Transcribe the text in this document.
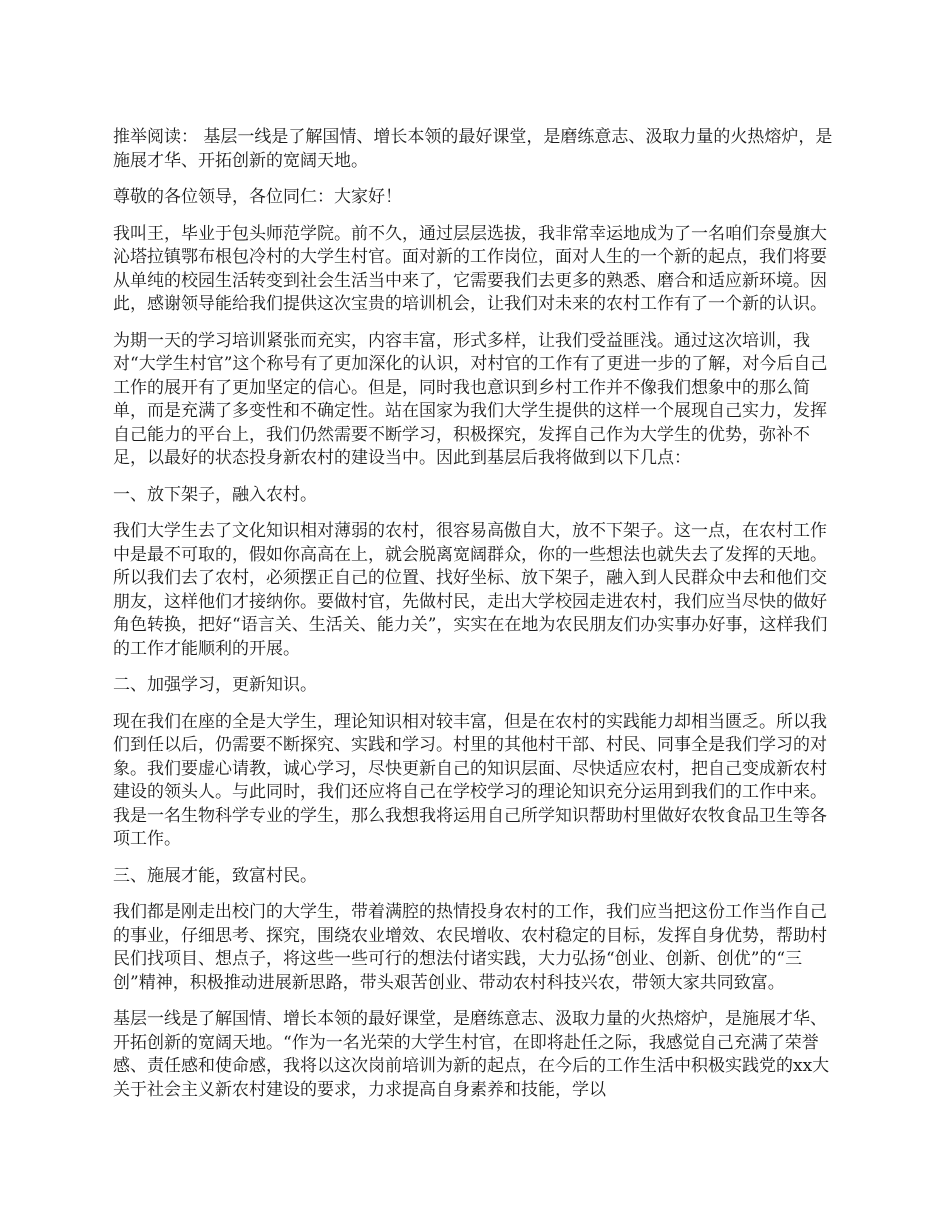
推举阅读： 基层一线是了解国情、增长本领的最好课堂，是磨练意志、汲取力量的火热熔炉，是施展才华、开拓创新的宽阔天地。

尊敬的各位领导，各位同仁：大家好！

我叫王，毕业于包头师范学院。前不久，通过层层选拔，我非常幸运地成为了一名咱们奈曼旗大沁塔拉镇鄂布根包冷村的大学生村官。面对新的工作岗位，面对人生的一个新的起点，我们将要从单纯的校园生活转变到社会生活当中来了，它需要我们去更多的熟悉、磨合和适应新环境。因此，感谢领导能给我们提供这次宝贵的培训机会，让我们对未来的农村工作有了一个新的认识。

为期一天的学习培训紧张而充实，内容丰富，形式多样，让我们受益匪浅。通过这次培训，我对“大学生村官”这个称号有了更加深化的认识，对村官的工作有了更进一步的了解，对今后自己工作的展开有了更加坚定的信心。但是，同时我也意识到乡村工作并不像我们想象中的那么简单，而是充满了多变性和不确定性。站在国家为我们大学生提供的这样一个展现自己实力，发挥自己能力的平台上，我们仍然需要不断学习，积极探究，发挥自己作为大学生的优势，弥补不足，以最好的状态投身新农村的建设当中。因此到基层后我将做到以下几点：

一、放下架子，融入农村。

我们大学生去了文化知识相对薄弱的农村，很容易高傲自大，放不下架子。这一点，在农村工作中是最不可取的，假如你高高在上，就会脱离宽阔群众，你的一些想法也就失去了发挥的天地。所以我们去了农村，必须摆正自己的位置、找好坐标、放下架子，融入到人民群众中去和他们交朋友，这样他们才接纳你。要做村官，先做村民，走出大学校园走进农村，我们应当尽快的做好角色转换，把好“语言关、生活关、能力关”，实实在在地为农民朋友们办实事办好事，这样我们的工作才能顺利的开展。

二、加强学习，更新知识。

现在我们在座的全是大学生，理论知识相对较丰富，但是在农村的实践能力却相当匮乏。所以我们到任以后，仍需要不断探究、实践和学习。村里的其他村干部、村民、同事全是我们学习的对象。我们要虚心请教，诚心学习，尽快更新自己的知识层面、尽快适应农村，把自己变成新农村建设的领头人。与此同时，我们还应将自己在学校学习的理论知识充分运用到我们的工作中来。我是一名生物科学专业的学生，那么我想我将运用自己所学知识帮助村里做好农牧食品卫生等各项工作。

三、施展才能，致富村民。

我们都是刚走出校门的大学生，带着满腔的热情投身农村的工作，我们应当把这份工作当作自己的事业，仔细思考、探究，围绕农业增效、农民增收、农村稳定的目标，发挥自身优势，帮助村民们找项目、想点子，将这些一些可行的想法付诸实践，大力弘扬“创业、创新、创优”的“三创”精神，积极推动进展新思路，带头艰苦创业、带动农村科技兴农，带领大家共同致富。

基层一线是了解国情、增长本领的最好课堂，是磨练意志、汲取力量的火热熔炉，是施展才华、开拓创新的宽阔天地。“作为一名光荣的大学生村官，在即将赴任之际，我感觉自己充满了荣誉感、责任感和使命感，我将以这次岗前培训为新的起点，在今后的工作生活中积极实践党的xx大关于社会主义新农村建设的要求，力求提高自身素养和技能，学以
